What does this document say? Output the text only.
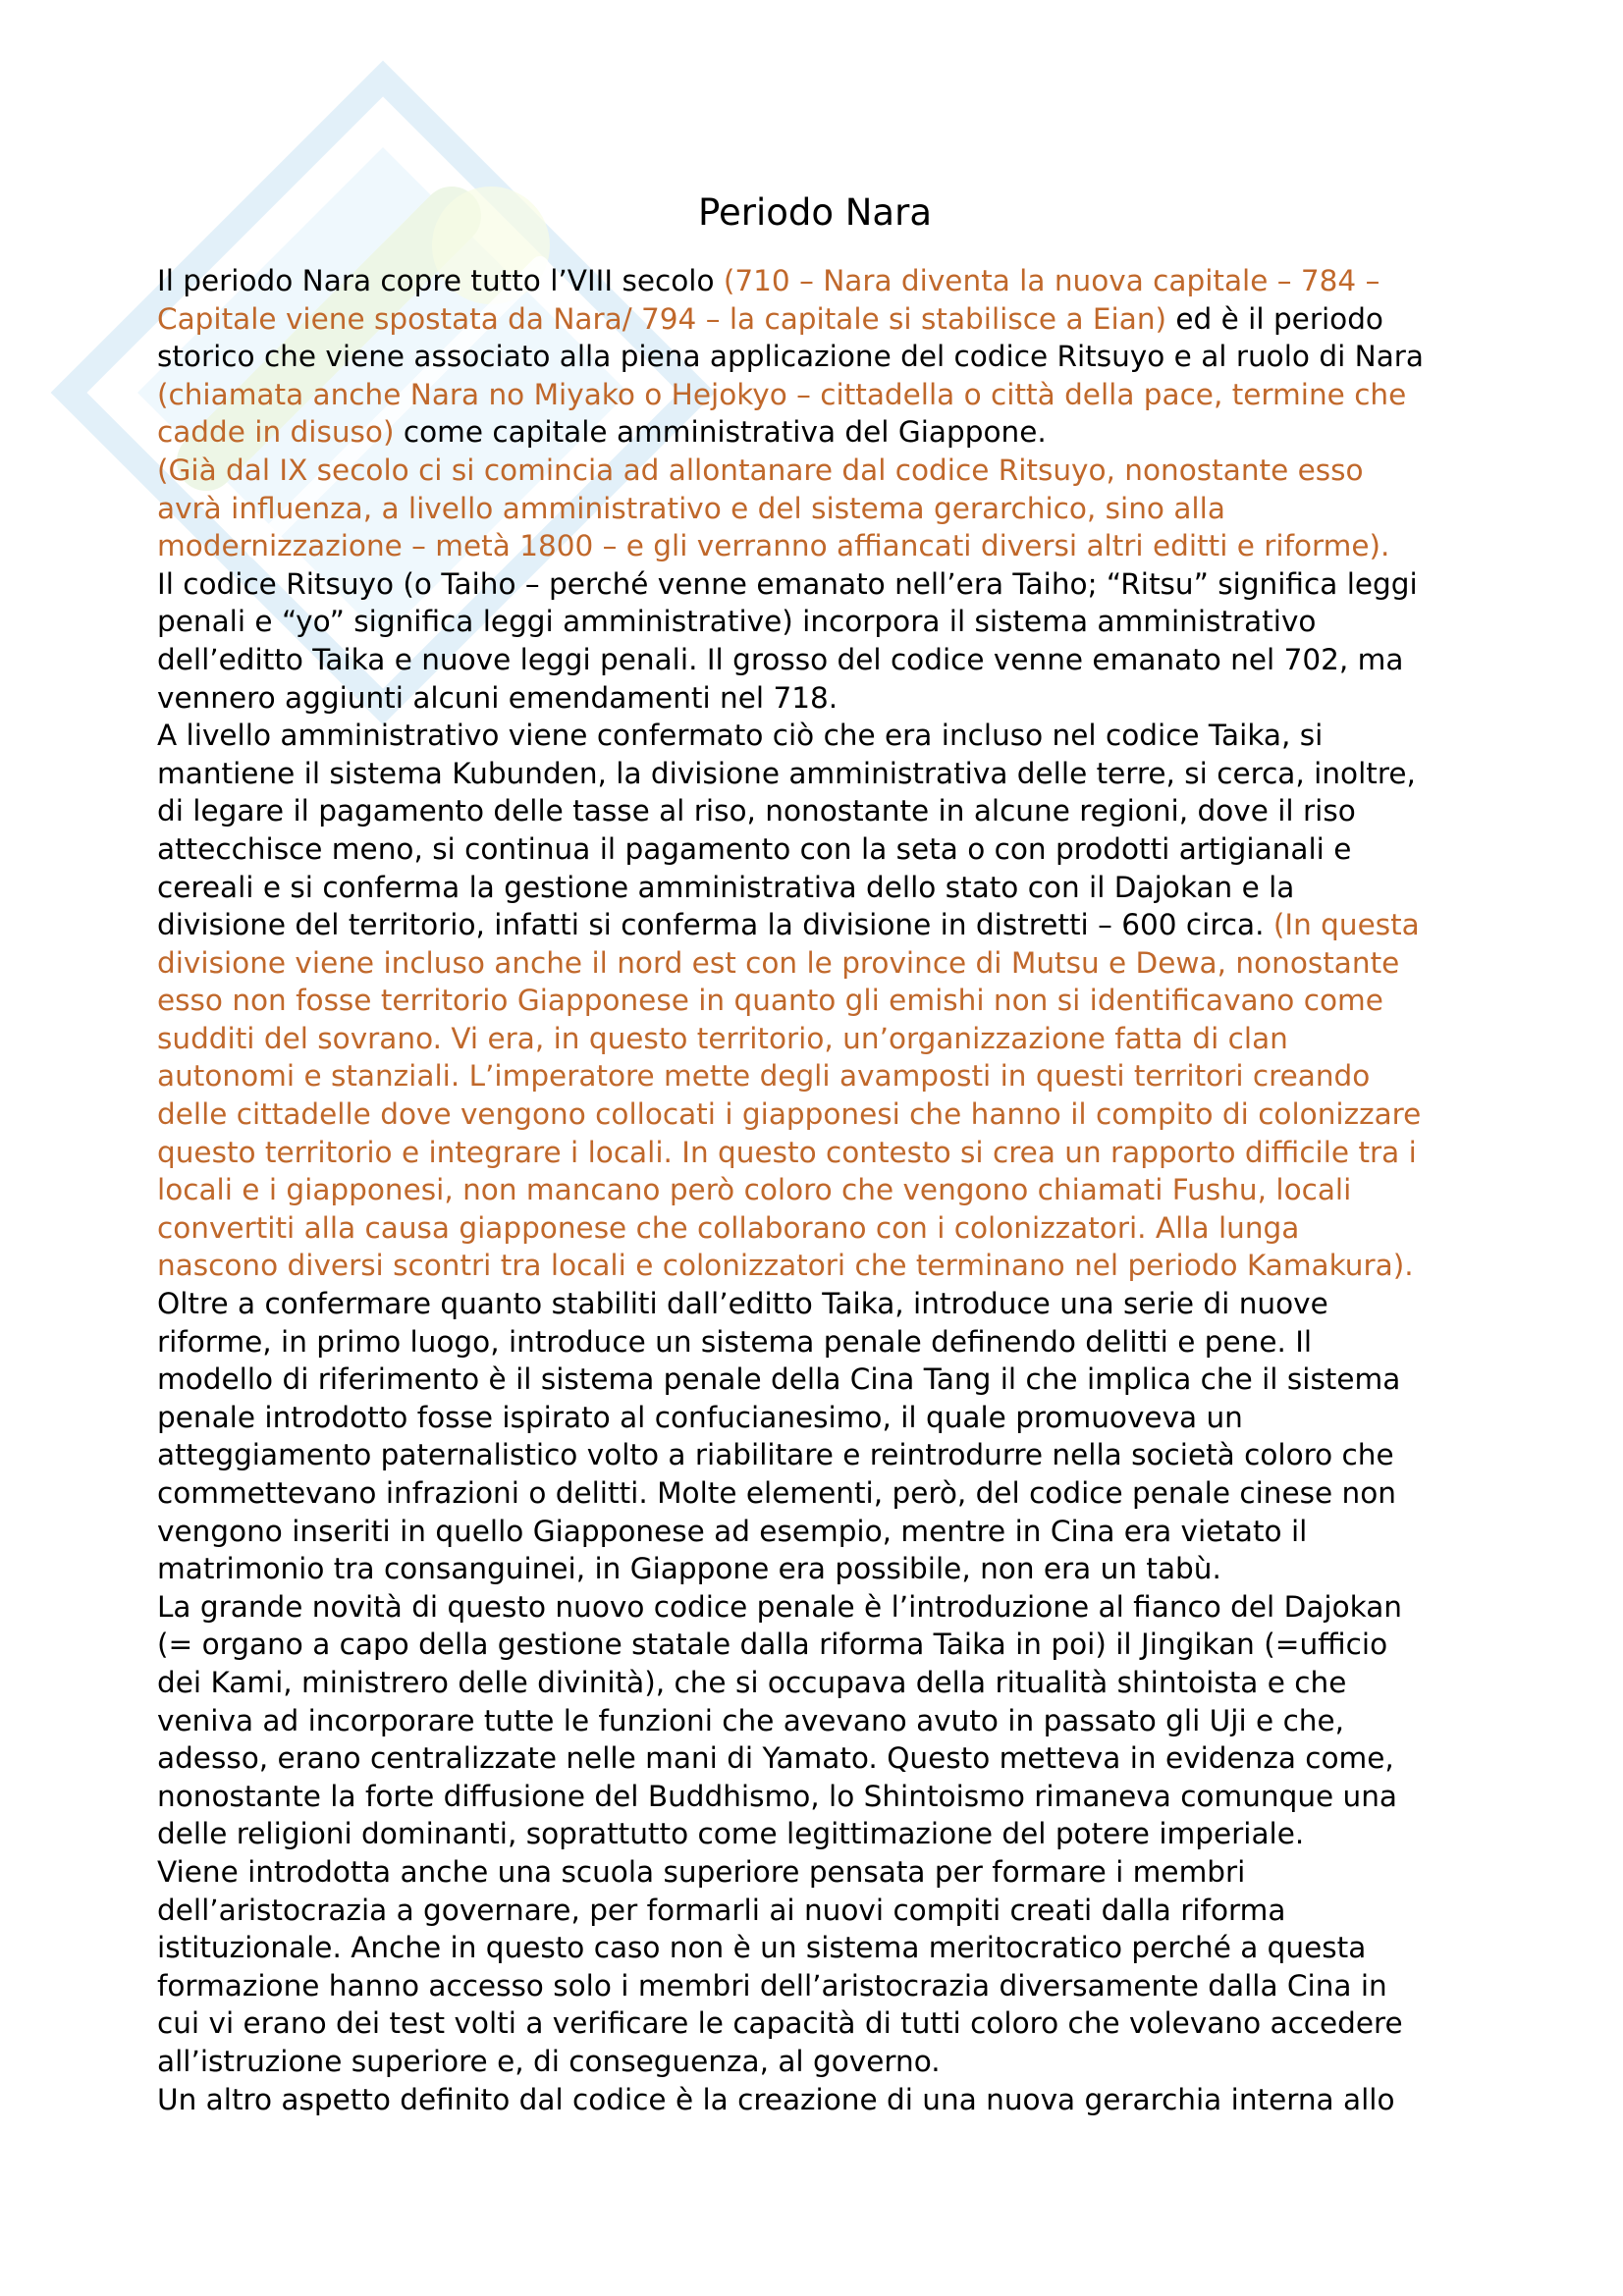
Periodo Nara
Il periodo Nara copre tutto l’VIII secolo (710 – Nara diventa la nuova capitale – 784 –
Capitale viene spostata da Nara/ 794 – la capitale si stabilisce a Eian) ed è il periodo
storico che viene associato alla piena applicazione del codice Ritsuyo e al ruolo di Nara
(chiamata anche Nara no Miyako o Hejokyo – cittadella o città della pace, termine che
cadde in disuso) come capitale amministrativa del Giappone.
(Già dal IX secolo ci si comincia ad allontanare dal codice Ritsuyo, nonostante esso
avrà influenza, a livello amministrativo e del sistema gerarchico, sino alla
modernizzazione – metà 1800 – e gli verranno affiancati diversi altri editti e riforme).
Il codice Ritsuyo (o Taiho – perché venne emanato nell’era Taiho; “Ritsu” significa leggi
penali e “yo” significa leggi amministrative) incorpora il sistema amministrativo
dell’editto Taika e nuove leggi penali. Il grosso del codice venne emanato nel 702, ma
vennero aggiunti alcuni emendamenti nel 718.
A livello amministrativo viene confermato ciò che era incluso nel codice Taika, si
mantiene il sistema Kubunden, la divisione amministrativa delle terre, si cerca, inoltre,
di legare il pagamento delle tasse al riso, nonostante in alcune regioni, dove il riso
attecchisce meno, si continua il pagamento con la seta o con prodotti artigianali e
cereali e si conferma la gestione amministrativa dello stato con il Dajokan e la
divisione del territorio, infatti si conferma la divisione in distretti – 600 circa. (In questa
divisione viene incluso anche il nord est con le province di Mutsu e Dewa, nonostante
esso non fosse territorio Giapponese in quanto gli emishi non si identificavano come
sudditi del sovrano. Vi era, in questo territorio, un’organizzazione fatta di clan
autonomi e stanziali. L’imperatore mette degli avamposti in questi territori creando
delle cittadelle dove vengono collocati i giapponesi che hanno il compito di colonizzare
questo territorio e integrare i locali. In questo contesto si crea un rapporto difficile tra i
locali e i giapponesi, non mancano però coloro che vengono chiamati Fushu, locali
convertiti alla causa giapponese che collaborano con i colonizzatori. Alla lunga
nascono diversi scontri tra locali e colonizzatori che terminano nel periodo Kamakura).
Oltre a confermare quanto stabiliti dall’editto Taika, introduce una serie di nuove
riforme, in primo luogo, introduce un sistema penale definendo delitti e pene. Il
modello di riferimento è il sistema penale della Cina Tang il che implica che il sistema
penale introdotto fosse ispirato al confucianesimo, il quale promuoveva un
atteggiamento paternalistico volto a riabilitare e reintrodurre nella società coloro che
commettevano infrazioni o delitti. Molte elementi, però, del codice penale cinese non
vengono inseriti in quello Giapponese ad esempio, mentre in Cina era vietato il
matrimonio tra consanguinei, in Giappone era possibile, non era un tabù.
La grande novità di questo nuovo codice penale è l’introduzione al fianco del Dajokan
(= organo a capo della gestione statale dalla riforma Taika in poi) il Jingikan (=ufficio
dei Kami, ministrero delle divinità), che si occupava della ritualità shintoista e che
veniva ad incorporare tutte le funzioni che avevano avuto in passato gli Uji e che,
adesso, erano centralizzate nelle mani di Yamato. Questo metteva in evidenza come,
nonostante la forte diffusione del Buddhismo, lo Shintoismo rimaneva comunque una
delle religioni dominanti, soprattutto come legittimazione del potere imperiale.
Viene introdotta anche una scuola superiore pensata per formare i membri
dell’aristocrazia a governare, per formarli ai nuovi compiti creati dalla riforma
istituzionale. Anche in questo caso non è un sistema meritocratico perché a questa
formazione hanno accesso solo i membri dell’aristocrazia diversamente dalla Cina in
cui vi erano dei test volti a verificare le capacità di tutti coloro che volevano accedere
all’istruzione superiore e, di conseguenza, al governo.
Un altro aspetto definito dal codice è la creazione di una nuova gerarchia interna allo
